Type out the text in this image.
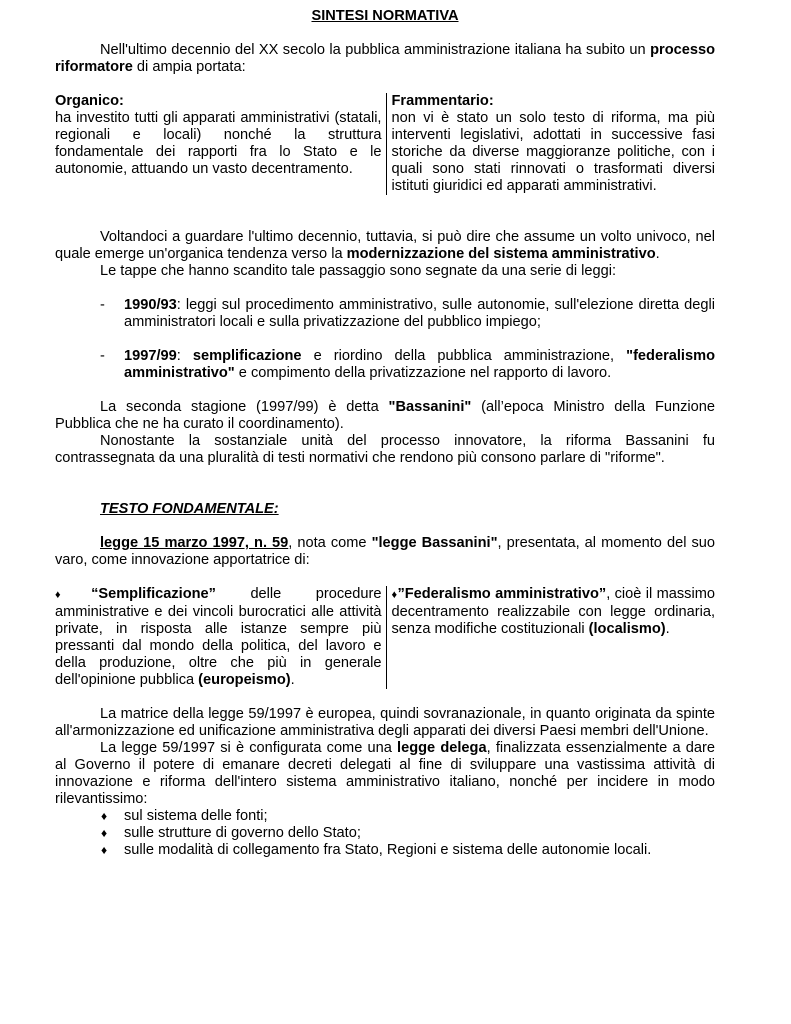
SINTESI NORMATIVA

Nell'ultimo decennio del XX secolo la pubblica amministrazione italiana ha subito un processo riformatore di ampia portata:

Organico:
ha investito tutti gli apparati amministrativi (statali, regionali e locali) nonché la struttura fondamentale dei rapporti fra lo Stato e le autonomie, attuando un vasto decentramento.
Frammentario:
non vi è stato un solo testo di riforma, ma più interventi legislativi, adottati in successive fasi storiche da diverse maggioranze politiche, con i quali sono stati rinnovati o trasformati diversi istituti giuridici ed apparati amministrativi.

Voltandoci a guardare l'ultimo decennio, tuttavia, si può dire che assume un volto univoco, nel quale emerge un'organica tendenza verso la modernizzazione del sistema amministrativo.

Le tappe che hanno scandito tale passaggio sono segnate da una serie di leggi:

- 1990/93: leggi sul procedimento amministrativo, sulle autonomie, sull'elezione diretta degli amministratori locali e sulla privatizzazione del pubblico impiego;
- 1997/99: semplificazione e riordino della pubblica amministrazione, "federalismo amministrativo" e compimento della privatizzazione nel rapporto di lavoro.

La seconda stagione (1997/99) è detta "Bassanini" (all’epoca Ministro della Funzione Pubblica che ne ha curato il coordinamento).

Nonostante la sostanziale unità del processo innovatore, la riforma Bassanini fu contrassegnata da una pluralità di testi normativi che rendono più consono parlare di "riforme".

TESTO FONDAMENTALE:

legge 15 marzo 1997, n. 59, nota come "legge Bassanini", presentata, al momento del suo varo, come innovazione apportatrice di:

♦“Semplificazione” delle procedure amministrative e dei vincoli burocratici alle attività private, in risposta alle istanze sempre più pressanti dal mondo della politica, del lavoro e della produzione, oltre che più in generale dell'opinione pubblica (europeismo).
♦”Federalismo amministrativo”, cioè il massimo decentramento realizzabile con legge ordinaria, senza modifiche costituzionali (localismo).

La matrice della legge 59/1997 è europea, quindi sovranazionale, in quanto originata da spinte all'armonizzazione ed unificazione amministrativa degli apparati dei diversi Paesi membri dell'Unione.

La legge 59/1997 si è configurata come una legge delega, finalizzata essenzialmente a dare al Governo il potere di emanare decreti delegati al fine di sviluppare una vastissima attività di innovazione e riforma dell'intero sistema amministrativo italiano, nonché per incidere in modo rilevantissimo:

♦ sul sistema delle fonti;
♦ sulle strutture di governo dello Stato;
♦ sulle modalità di collegamento fra Stato, Regioni e sistema delle autonomie locali.
